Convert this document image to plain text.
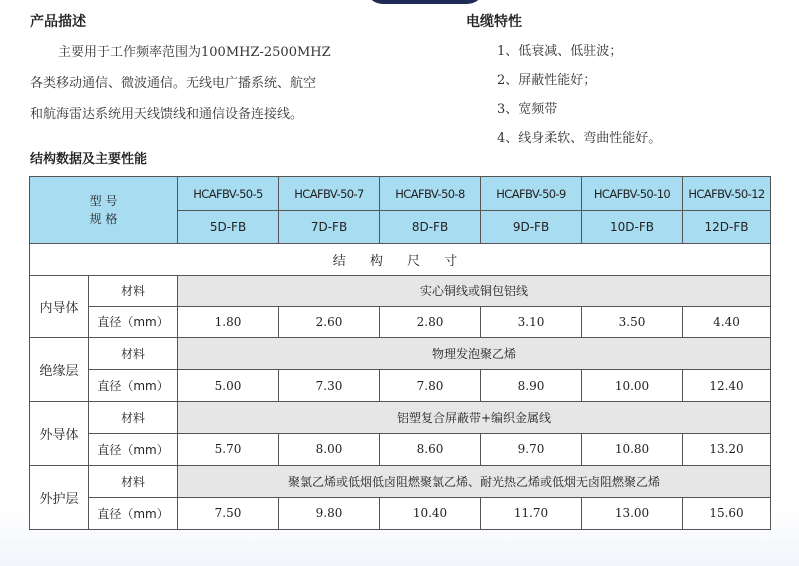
产品描述
主要用于工作频率范围为100MHZ-2500MHZ
各类移动通信、微波通信。无线电广播系统、航空
和航海雷达系统用天线馈线和通信设备连接线。
电缆特性
1、低衰减、低驻波；
2、屏蔽性能好；
3、宽频带
4、线身柔软、弯曲性能好。
结构数据及主要性能
型 号
规 格		HCAFBV-50-5	HCAFBV-50-7	HCAFBV-50-8	HCAFBV-50-9	HCAFBV-50-10	HCAFBV-50-12
		5D-FB	7D-FB	8D-FB	9D-FB	10D-FB	12D-FB
结 构 尺 寸							
内导体	材料	实心铜线或铜包铝线					
	直径（mm）	1.80	2.60	2.80	3.10	3.50	4.40
绝缘层	材料	物理发泡聚乙烯					
	直径（mm）	5.00	7.30	7.80	8.90	10.00	12.40
外导体	材料	铝塑复合屏蔽带+编织金属线					
	直径（mm）	5.70	8.00	8.60	9.70	10.80	13.20
外护层	材料	聚氯乙烯或低烟低卤阻燃聚氯乙烯、耐光热乙烯或低烟无卤阻燃聚乙烯					
	直径（mm）	7.50	9.80	10.40	11.70	13.00	15.60
